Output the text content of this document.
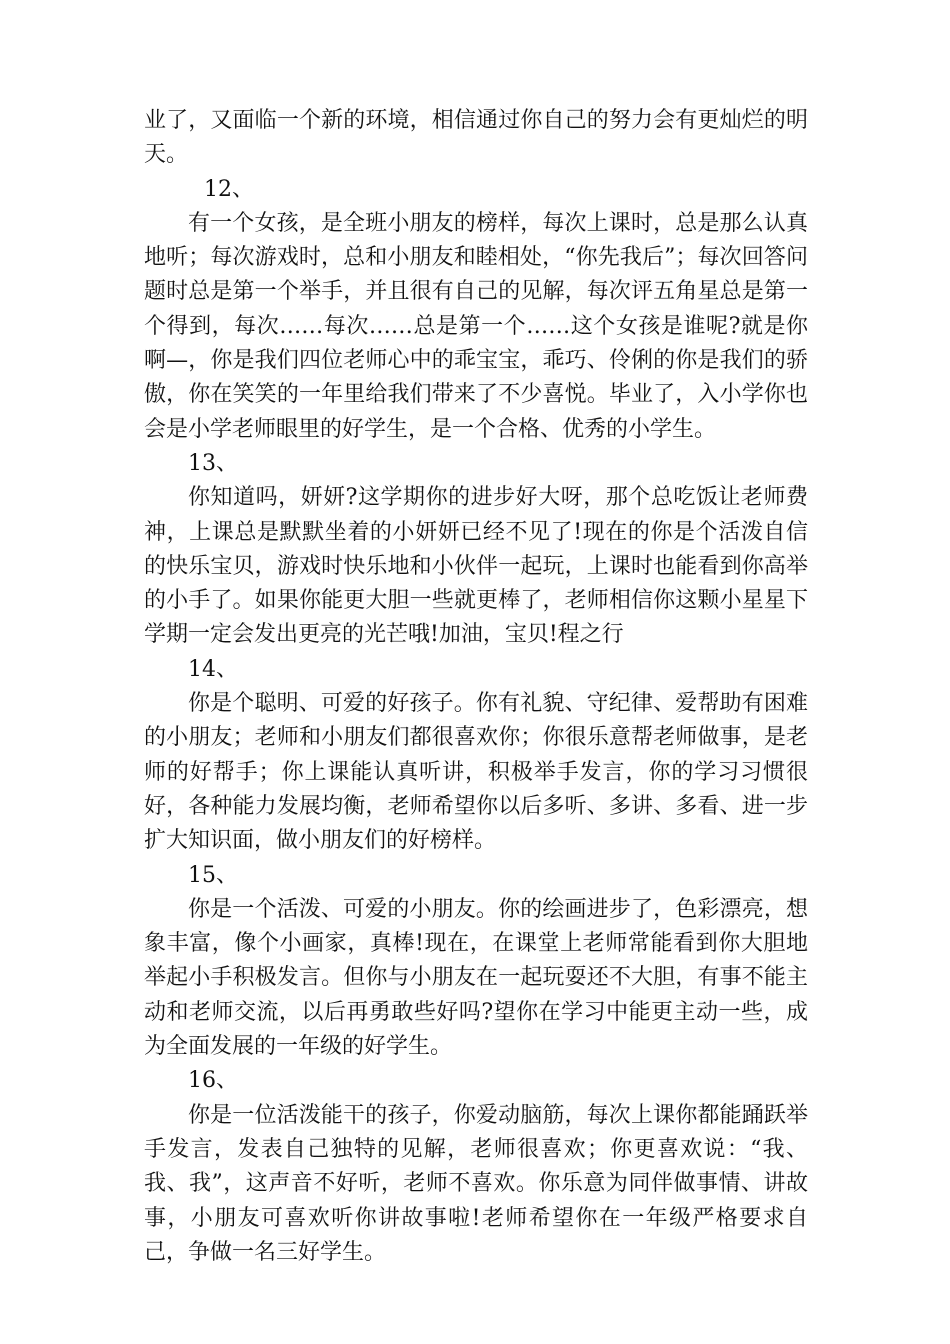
业了，又面临一个新的环境，相信通过你自己的努力会有更灿烂的明天。

12、

有一个女孩，是全班小朋友的榜样，每次上课时，总是那么认真地听；每次游戏时，总和小朋友和睦相处，“你先我后”；每次回答问题时总是第一个举手，并且很有自己的见解，每次评五角星总是第一个得到，每次……每次……总是第一个……这个女孩是谁呢?就是你啊—，你是我们四位老师心中的乖宝宝，乖巧、伶俐的你是我们的骄傲，你在笑笑的一年里给我们带来了不少喜悦。毕业了，入小学你也会是小学老师眼里的好学生，是一个合格、优秀的小学生。

13、

你知道吗，妍妍?这学期你的进步好大呀，那个总吃饭让老师费神，上课总是默默坐着的小妍妍已经不见了!现在的你是个活泼自信的快乐宝贝，游戏时快乐地和小伙伴一起玩，上课时也能看到你高举的小手了。如果你能更大胆一些就更棒了，老师相信你这颗小星星下学期一定会发出更亮的光芒哦!加油，宝贝!程之行

14、

你是个聪明、可爱的好孩子。你有礼貌、守纪律、爱帮助有困难的小朋友；老师和小朋友们都很喜欢你；你很乐意帮老师做事，是老师的好帮手；你上课能认真听讲，积极举手发言，你的学习习惯很好，各种能力发展均衡，老师希望你以后多听、多讲、多看、进一步扩大知识面，做小朋友们的好榜样。

15、

你是一个活泼、可爱的小朋友。你的绘画进步了，色彩漂亮，想象丰富，像个小画家，真棒!现在，在课堂上老师常能看到你大胆地举起小手积极发言。但你与小朋友在一起玩耍还不大胆，有事不能主动和老师交流，以后再勇敢些好吗?望你在学习中能更主动一些，成为全面发展的一年级的好学生。

16、

你是一位活泼能干的孩子，你爱动脑筋，每次上课你都能踊跃举手发言，发表自己独特的见解，老师很喜欢；你更喜欢说：“我、我、我”，这声音不好听，老师不喜欢。你乐意为同伴做事情、讲故事，小朋友可喜欢听你讲故事啦!老师希望你在一年级严格要求自己，争做一名三好学生。
